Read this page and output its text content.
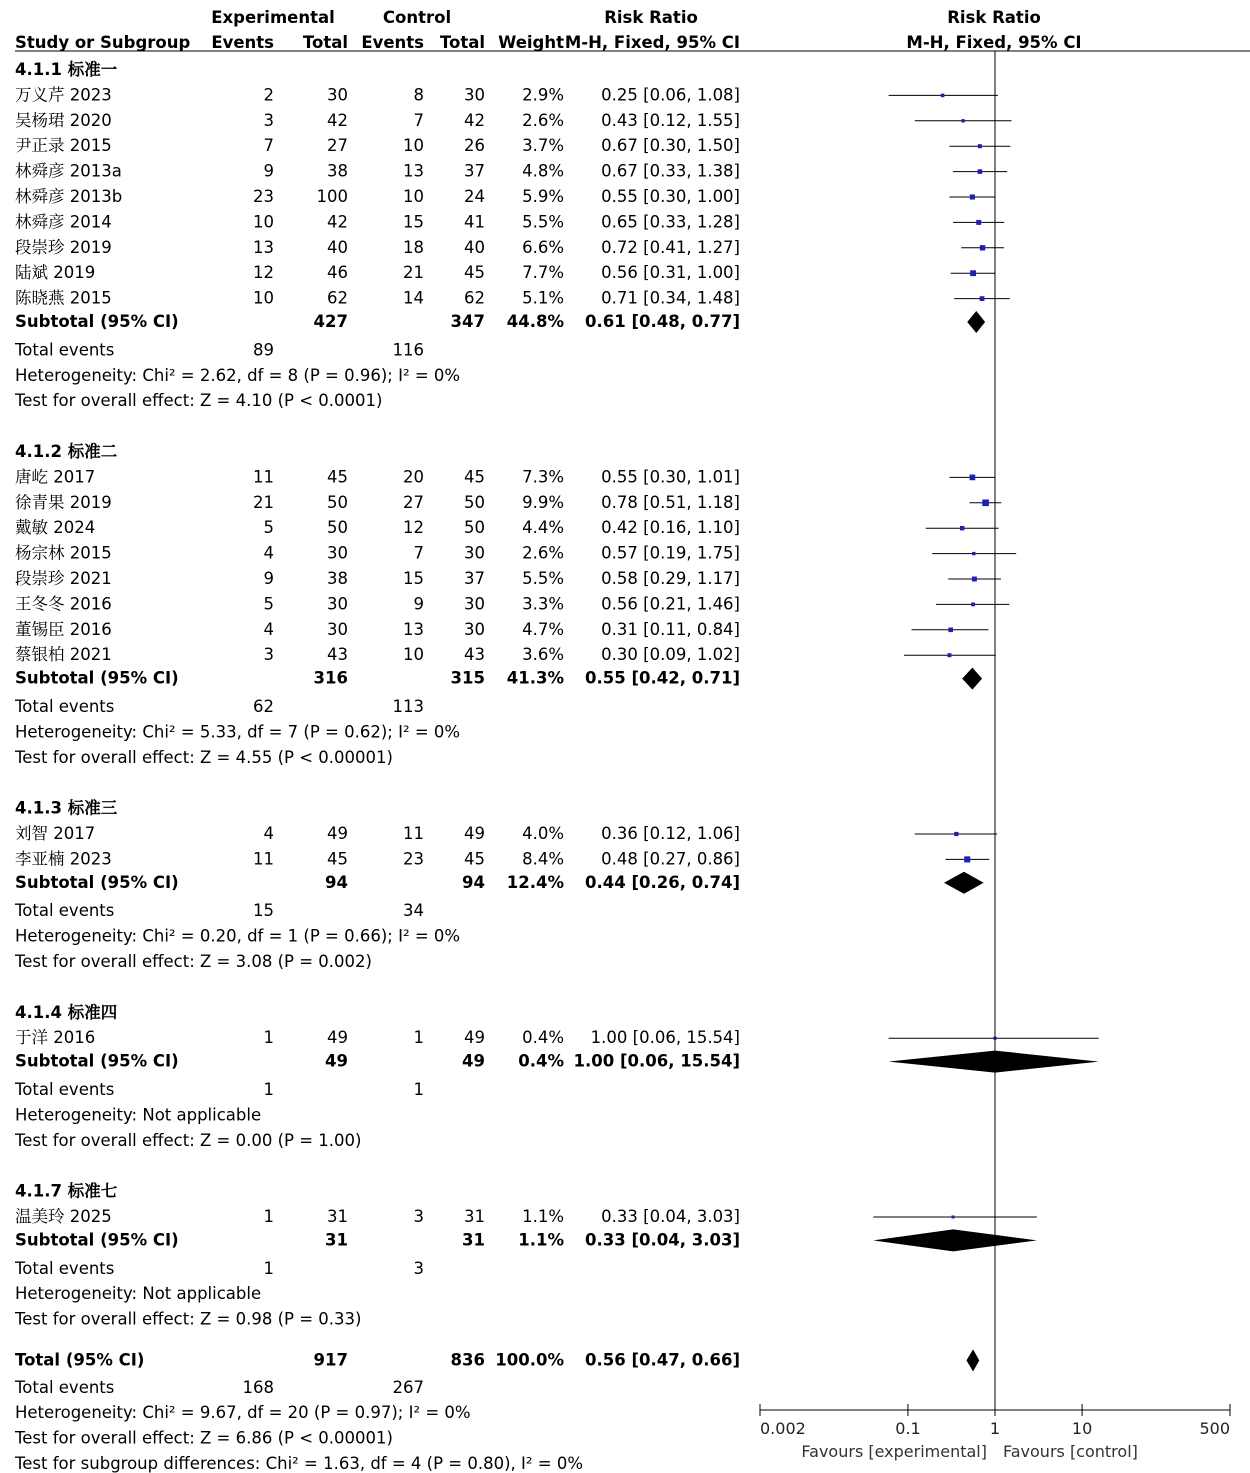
Experimental	Control	Risk Ratio	Risk Ratio
Study or Subgroup Events Total Events Total Weight M-H, Fixed, 95% CI	M-H, Fixed, 95% CI
4.1.1 标准一
万义芹 2023	2	30	8 30 2.9% 0.25 [0.06, 1.08]
吴杨珺 2020	3	42	7 42 2.6% 0.43 [0.12, 1.55]
尹正录 2015	7	27	10 26 3.7% 0.67 [0.30, 1.50]
林舜彦 2013a	9	38	13 37 4.8% 0.67 [0.33, 1.38]
林舜彦 2013b	23	100	10 24 5.9% 0.55 [0.30, 1.00]
林舜彦 2014	10	42	15 41 5.5% 0.65 [0.33, 1.28]
段崇珍 2019	13	40	18 40 6.6% 0.72 [0.41, 1.27]
陆斌 2019	12	46	21 45 7.7% 0.56 [0.31, 1.00]
陈晓燕 2015	10	62	14 62 5.1% 0.71 [0.34, 1.48]
Subtotal (95% CI)	427	347 44.8% 0.61 [0.48, 0.77]
Total events	89	116
Heterogeneity: Chi² = 2.62, df = 8 (P = 0.96); I² = 0%
Test for overall effect: Z = 4.10 (P < 0.0001)
4.1.2 标准二
唐屹 2017	11	45	20 45 7.3% 0.55 [0.30, 1.01]
徐青果 2019	21	50	27 50 9.9% 0.78 [0.51, 1.18]
戴敏 2024	5	50	12 50 4.4% 0.42 [0.16, 1.10]
杨宗林 2015	4	30	7 30 2.6% 0.57 [0.19, 1.75]
段崇珍 2021	9	38	15 37 5.5% 0.58 [0.29, 1.17]
王冬冬 2016	5	30	9 30 3.3% 0.56 [0.21, 1.46]
董锡臣 2016	4	30	13 30 4.7% 0.31 [0.11, 0.84]
蔡银柏 2021	3	43	10 43 3.6% 0.30 [0.09, 1.02]
Subtotal (95% CI)	316	315 41.3% 0.55 [0.42, 0.71]
Total events	62	113
Heterogeneity: Chi² = 5.33, df = 7 (P = 0.62); I² = 0%
Test for overall effect: Z = 4.55 (P < 0.00001)
4.1.3 标准三
刘智 2017	4	49	11 49 4.0% 0.36 [0.12, 1.06]
李亚楠 2023	11	45	23 45 8.4% 0.48 [0.27, 0.86]
Subtotal (95% CI)	94	94 12.4% 0.44 [0.26, 0.74]
Total events	15	34
Heterogeneity: Chi² = 0.20, df = 1 (P = 0.66); I² = 0%
Test for overall effect: Z = 3.08 (P = 0.002)
4.1.4 标准四
于洋 2016	1	49	1 49 0.4% 1.00 [0.06, 15.54]
Subtotal (95% CI)	49	49 0.4% 1.00 [0.06, 15.54]
Total events	1	1
Heterogeneity: Not applicable
Test for overall effect: Z = 0.00 (P = 1.00)
4.1.7 标准七
温美玲 2025	1	31	3 31 1.1% 0.33 [0.04, 3.03]
Subtotal (95% CI)	31	31 1.1% 0.33 [0.04, 3.03]
Total events	1	3
Heterogeneity: Not applicable
Test for overall effect: Z = 0.98 (P = 0.33)
Total (95% CI)	917	836 100.0% 0.56 [0.47, 0.66]
Total events	168	267
Heterogeneity: Chi² = 9.67, df = 20 (P = 0.97); I² = 0%
Test for overall effect: Z = 6.86 (P < 0.00001)
Test for subgroup differences: Chi² = 1.63, df = 4 (P = 0.80), I² = 0%
0.002	0.1	1	10	500
Favours [experimental] Favours [control]
